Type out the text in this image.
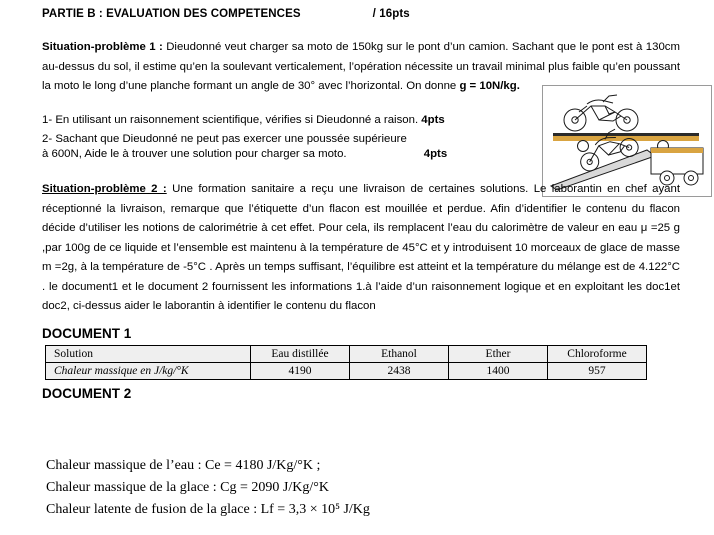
PARTIE B : EVALUATION DES COMPETENCES	/ 16pts
Situation-problème 1 : Dieudonné veut charger sa moto de 150kg sur le pont d’un camion. Sachant que le pont est à 130cm au-dessus du sol, il estime qu’en la soulevant verticalement, l’opération nécessite un travail minimal plus faible qu’en poussant la moto le long d’une planche formant un angle de 30° avec l’horizontal. On donne g = 10N/kg.
1- En utilisant un raisonnement scientifique, vérifies si Dieudonné a raison. 4pts
2- Sachant que Dieudonné ne peut pas exercer une poussée supérieure
à 600N, Aide le à trouver une solution pour charger sa moto.	4pts
Situation-problème 2 : Une formation sanitaire a reçu une livraison de certaines solutions. Le laborantin en chef ayant réceptionné la livraison, remarque que l’étiquette d’un flacon est mouillée et perdue. Afin d’identifier le contenu du flacon décide d’utiliser les notions de calorimétrie à cet effet. Pour cela, ils remplacent l’eau du calorimètre de valeur en eau μ =25 g ,par 100g de ce liquide et l’ensemble est maintenu à la température de 45°C et y introduisent 10 morceaux de glace de masse m =2g, à la température de -5°C . Après un temps suffisant, l’équilibre est atteint et la température du mélange est de 4.122°C . le document1 et le document 2 fournissent les informations 1.à l’aide d’un raisonnement logique et en exploitant les doc1et doc2, ci-dessus aider le laborantin à identifier le contenu du flacon
DOCUMENT 1
Solution	Eau distillée	Ethanol	Ether	Chloroforme
Chaleur massique en J/kg/°K	4190	2438	1400	957
DOCUMENT 2
Chaleur massique de l’eau : Ce = 4180 J/Kg/°K ;
Chaleur massique de la glace : Cg = 2090 J/Kg/°K
Chaleur latente de fusion de la glace : Lf = 3,3 × 10⁵ J/Kg
